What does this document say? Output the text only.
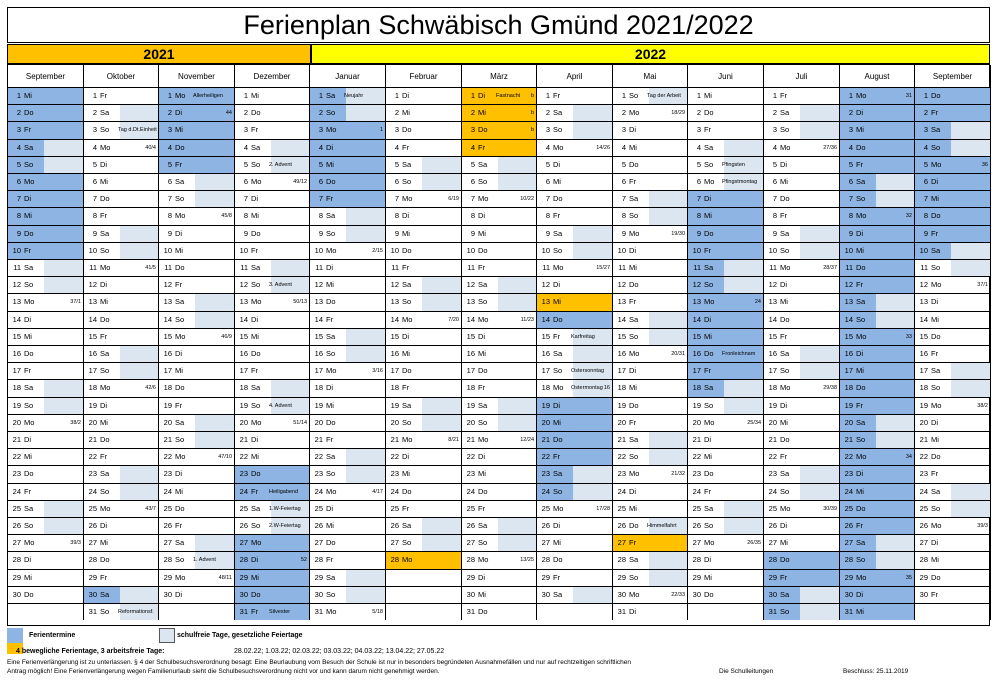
Ferienplan Schwäbisch Gmünd 2021/2022
2021	2022
September
1 Mi
2 Do
3 Fr
4 Sa
5 So
6 Mo
7 Di
8 Mi
9 Do
10 Fr
11 Sa
12 So
13 Mo	37/1
14 Di
15 Mi
16 Do
17 Fr
18 Sa
19 So
20 Mo	38/2
21 Di
22 Mi
23 Do
24 Fr
25 Sa
26 So
27 Mo	39/3
28 Di
29 Mi
30 Do
Oktober
1 Fr
2 Sa
3 So Tag d.Dt.Einheit
4 Mo	40/4
5 Di
6 Mi
7 Do
8 Fr
9 Sa
10 So
11 Mo	41/5
12 Di
13 Mi
14 Do
15 Fr
16 Sa
17 So
18 Mo	42/6
19 Di
20 Mi
21 Do
22 Fr
23 Sa
24 So
25 Mo	43/7
26 Di
27 Mi
28 Do
29 Fr
30 Sa
31 So Reformationsf.
November
1 Mo Allerheiligen
2 Di	44
3 Mi
4 Do
5 Fr
6 Sa
7 So
8 Mo	45/8
9 Di
10 Mi
11 Do
12 Fr
13 Sa
14 So
15 Mo	46/9
16 Di
17 Mi
18 Do
19 Fr
20 Sa
21 So
22 Mo	47/10
23 Di
24 Mi
25 Do
26 Fr
27 Sa
28 So 1. Advent
29 Mo	48/11
30 Di
Dezember
1 Mi
2 Do
3 Fr
4 Sa
5 So 2. Advent
6 Mo	49/12
7 Di
8 Mi
9 Do
10 Fr
11 Sa
12 So 3. Advent
13 Mo	50/13
14 Di
15 Mi
16 Do
17 Fr
18 Sa
19 So 4. Advent
20 Mo	51/14
21 Di
22 Mi
23 Do
24 Fr Heiligabend
25 Sa 1.W-Feiertag
26 So 2.W-Feiertag
27 Mo
28 Di	52
29 Mi
30 Do
31 Fr Silvester
Januar
1 Sa Neujahr
2 So
3 Mo	1
4 Di
5 Mi
6 Do
7 Fr
8 Sa
9 So
10 Mo	2/15
11 Di
12 Mi
13 Do
14 Fr
15 Sa
16 So
17 Mo	3/16
18 Di
19 Mi
20 Do
21 Fr
22 Sa
23 So
24 Mo	4/17
25 Di
26 Mi
27 Do
28 Fr
29 Sa
30 So
31 Mo	5/18
Februar
1 Di
2 Mi
3 Do
4 Fr
5 Sa
6 So
7 Mo	6/19
8 Di
9 Mi
10 Do
11 Fr
12 Sa
13 So
14 Mo	7/20
15 Di
16 Mi
17 Do
18 Fr
19 Sa
20 So
21 Mo	8/21
22 Di
23 Mi
24 Do
25 Fr
26 Sa
27 So
28 Mo
März
1 Di Fastnacht b
2 Mi	b
3 Do	b
4 Fr
5 Sa
6 So
7 Mo	10/22
8 Di
9 Mi
10 Do
11 Fr
12 Sa
13 So
14 Mo	11/23
15 Di
16 Mi
17 Do
18 Fr
19 Sa
20 So
21 Mo	12/24
22 Di
23 Mi
24 Do
25 Fr
26 Sa
27 So
28 Mo	13/25
29 Di
30 Mi
31 Do
April
1 Fr
2 Sa
3 So
4 Mo	14/26
5 Di
6 Mi
7 Do
8 Fr
9 Sa
10 So
11 Mo	15/27
12 Di
13 Mi
14 Do
15 Fr Karfreitag
16 Sa
17 So Ostersonntag
18 Mo Ostermontag 16
19 Di
20 Mi
21 Do
22 Fr
23 Sa
24 So
25 Mo	17/28
26 Di
27 Mi
28 Do
29 Fr
30 Sa
Mai
1 So Tag der Arbeit
2 Mo	18/29
3 Di
4 Mi
5 Do
6 Fr
7 Sa
8 So
9 Mo	19/30
10 Di
11 Mi
12 Do
13 Fr
14 Sa
15 So
16 Mo	20/31
17 Di
18 Mi
19 Do
20 Fr
21 Sa
22 So
23 Mo	21/32
24 Di
25 Mi
26 Do Himmelfahrt
27 Fr
28 Sa
29 So
30 Mo	22/33
31 Di
Juni
1 Mi
2 Do
3 Fr
4 Sa
5 So Pfingsten
6 Mo Pfingstmontag
7 Di
8 Mi
9 Do
10 Fr
11 Sa
12 So
13 Mo	24
14 Di
15 Mi
16 Do Fronleichnam
17 Fr
18 Sa
19 So
20 Mo	25/34
21 Di
22 Mi
23 Do
24 Fr
25 Sa
26 So
27 Mo	26/35
28 Di
29 Mi
30 Do
Juli
1 Fr
2 Sa
3 So
4 Mo	27/36
5 Di
6 Mi
7 Do
8 Fr
9 Sa
10 So
11 Mo	28/37
12 Di
13 Mi
14 Do
15 Fr
16 Sa
17 So
18 Mo	29/38
19 Di
20 Mi
21 Do
22 Fr
23 Sa
24 So
25 Mo	30/39
26 Di
27 Mi
28 Do
29 Fr
30 Sa
31 So
August
1 Mo	31
2 Di
3 Mi
4 Do
5 Fr
6 Sa
7 So
8 Mo	32
9 Di
10 Mi
11 Do
12 Fr
13 Sa
14 So
15 Mo	33
16 Di
17 Mi
18 Do
19 Fr
20 Sa
21 So
22 Mo	34
23 Di
24 Mi
25 Do
26 Fr
27 Sa
28 So
29 Mo	35
30 Di
31 Mi
September
1 Do
2 Fr
3 Sa
4 So
5 Mo	36
6 Di
7 Mi
8 Do
9 Fr
10 Sa
11 So
12 Mo	37/1
13 Di
14 Mi
15 Do
16 Fr
17 Sa
18 So
19 Mo	38/2
20 Di
21 Mi
22 Do
23 Fr
24 Sa
25 So
26 Mo	39/3
27 Di
28 Mi
29 Do
30 Fr
Ferientermine	schulfreie Tage, gesetzliche Feiertage
4 bewegliche Ferientage, 3 arbeitsfreie Tage:	28.02.22; 1.03.22; 02.03.22; 03.03.22; 04.03.22; 13.04.22; 27.05.22
Eine Ferienverlängerung ist zu unterlassen. § 4 der Schulbesuchsverordnung besagt: Eine Beurlaubung vom Besuch der Schule ist nur in besonders begründeten Ausnahmefällen und nur auf rechtzeitigen schriftlichen
Antrag möglich! Eine Ferienverlängerung wegen Familienurlaub sieht die Schulbesuchsverordnung nicht vor und kann darum nicht genehmigt werden.	Die Schulleitungen	Beschluss: 25.11.2019
